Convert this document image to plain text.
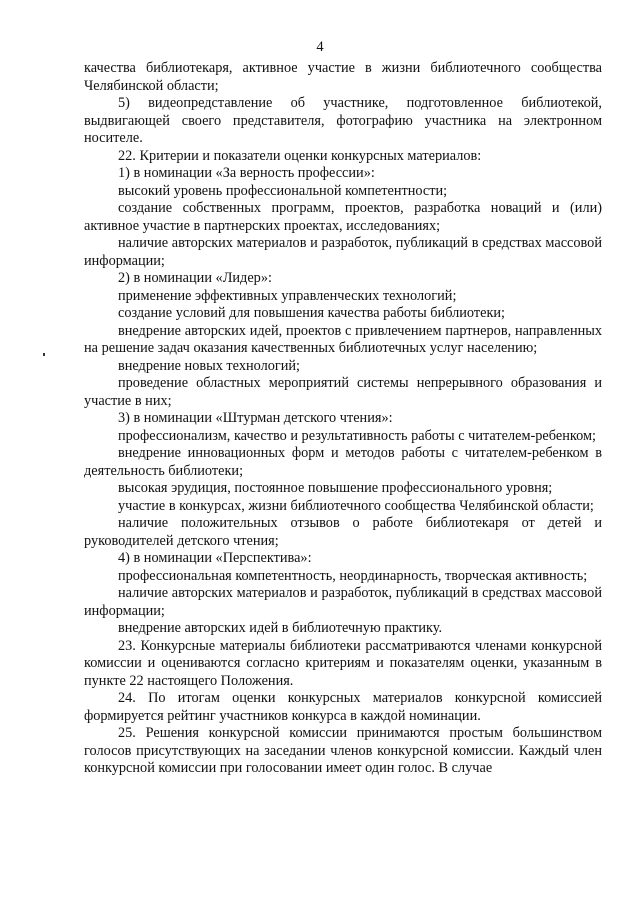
4

качества библиотекаря, активное участие в жизни библиотечного сообщества Челябинской области;

5) видеопредставление об участнике, подготовленное библиотекой, выдвигающей своего представителя, фотографию участника на электронном носителе.

22. Критерии и показатели оценки конкурсных материалов:

1) в номинации «За верность профессии»:

высокий уровень профессиональной компетентности;

создание собственных программ, проектов, разработка новаций и (или) активное участие в партнерских проектах, исследованиях;

наличие авторских материалов и разработок, публикаций в средствах массовой информации;

2) в номинации «Лидер»:

применение эффективных управленческих технологий;

создание условий для повышения качества работы библиотеки;

внедрение авторских идей, проектов с привлечением партнеров, направленных на решение задач оказания качественных библиотечных услуг населению;

внедрение новых технологий;

проведение областных мероприятий системы непрерывного образования и участие в них;

3) в номинации «Штурман детского чтения»:

профессионализм, качество и результативность работы с читателем-ребенком;

внедрение инновационных форм и методов работы с читателем-ребенком в деятельность библиотеки;

высокая эрудиция, постоянное повышение профессионального уровня;

участие в конкурсах, жизни библиотечного сообщества Челябинской области;

наличие положительных отзывов о работе библиотекаря от детей и руководителей детского чтения;

4) в номинации «Перспектива»:

профессиональная компетентность, неординарность, творческая активность;

наличие авторских материалов и разработок, публикаций в средствах массовой информации;

внедрение авторских идей в библиотечную практику.

23. Конкурсные материалы библиотеки рассматриваются членами конкурсной комиссии и оцениваются согласно критериям и показателям оценки, указанным в пункте 22 настоящего Положения.

24. По итогам оценки конкурсных материалов конкурсной комиссией формируется рейтинг участников конкурса в каждой номинации.

25. Решения конкурсной комиссии принимаются простым большинством голосов присутствующих на заседании членов конкурсной комиссии. Каждый член конкурсной комиссии при голосовании имеет один голос. В случае
